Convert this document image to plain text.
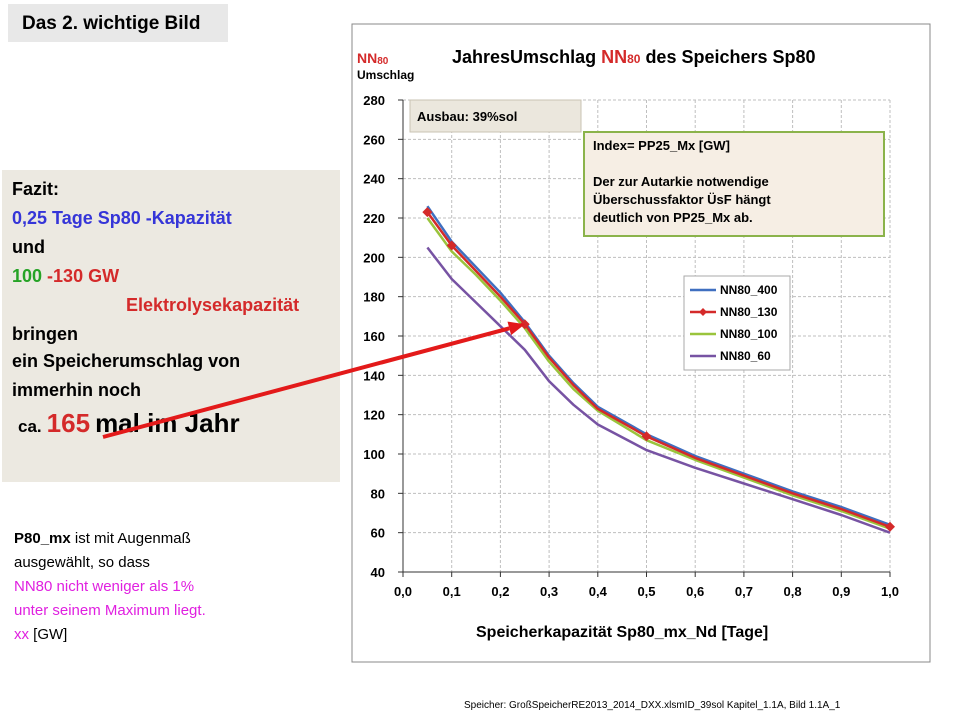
Das 2. wichtige Bild
Fazit:
0,25 Tage Sp80 -Kapazität
und
100 -130 GW
Elektrolysekapazität
bringen
ein Speicherumschlag von
immerhin noch
ca. 165 mal im Jahr
P80_mx ist mit Augenmaß
ausgewählt, so dass
NN80 nicht weniger als 1%
unter seinem Maximum liegt.
xx [GW]
Speicher: GroßSpeicherRE2013_2014_DXX.xlsmID_39sol Kapitel_1.1A, Bild 1.1A_1
40
60
80
100
120
140
160
180
200
220
240
260
280
0,0 0,1 0,2 0,3 0,4 0,5 0,6 0,7 0,8 0,9 1,0
NN80
Umschlag
JahresUmschlag NN80 des Speichers Sp80
Speicherkapazität Sp80_mx_Nd [Tage]
Ausbau: 39%sol
Index= PP25_Mx [GW]
Der zur Autarkie notwendige
Überschussfaktor ÜsF hängt
deutlich von PP25_Mx ab.
NN80_400
NN80_130
NN80_100
NN80_60
